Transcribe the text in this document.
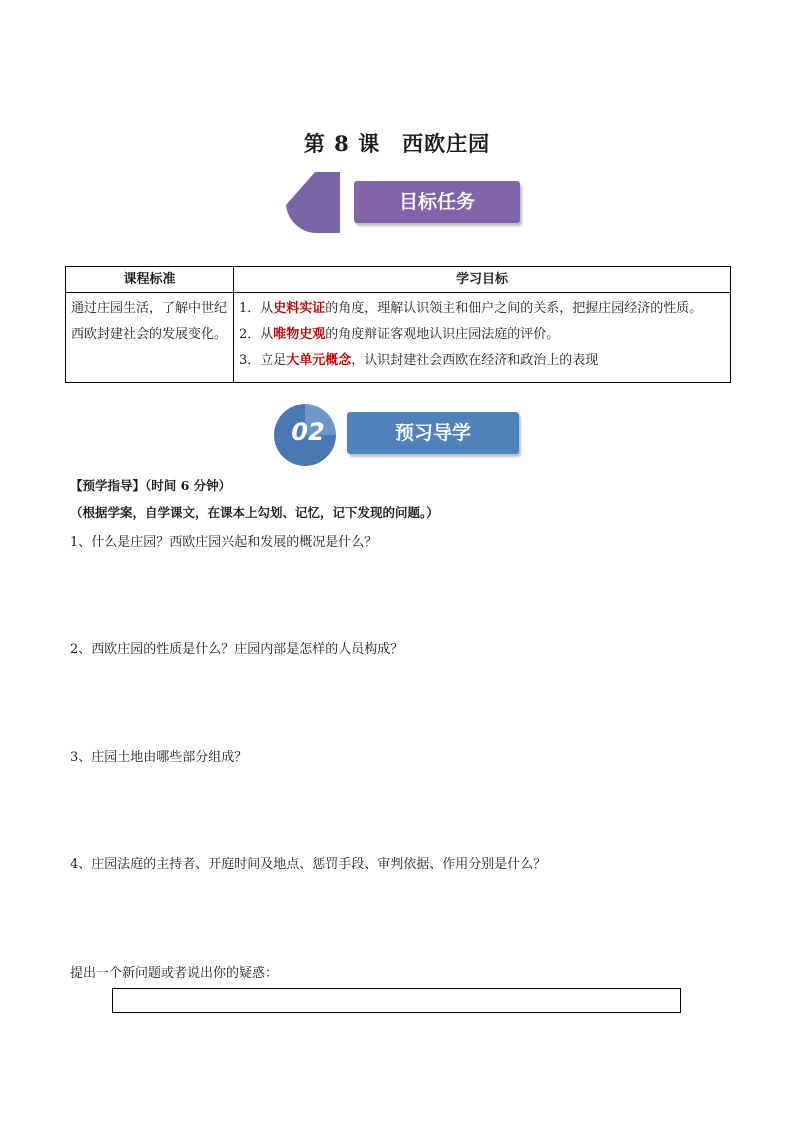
第 8 课　西欧庄园
目标任务
课程标准	学习目标
通过庄园生活，了解中世纪西欧封建社会的发展变化。	1．从史料实证的角度，理解认识领主和佃户之间的关系，把握庄园经济的性质。
2．从唯物史观的角度辩证客观地认识庄园法庭的评价。
3．立足大单元概念，认识封建社会西欧在经济和政治上的表现
02	预习导学
【预学指导】（时间 6 分钟）
（根据学案，自学课文，在课本上勾划、记忆，记下发现的问题。）
1、什么是庄园？西欧庄园兴起和发展的概况是什么？
2、西欧庄园的性质是什么？庄园内部是怎样的人员构成？
3、庄园土地由哪些部分组成？
4、庄园法庭的主持者、开庭时间及地点、惩罚手段、审判依据、作用分别是什么？
提出一个新问题或者说出你的疑惑：
